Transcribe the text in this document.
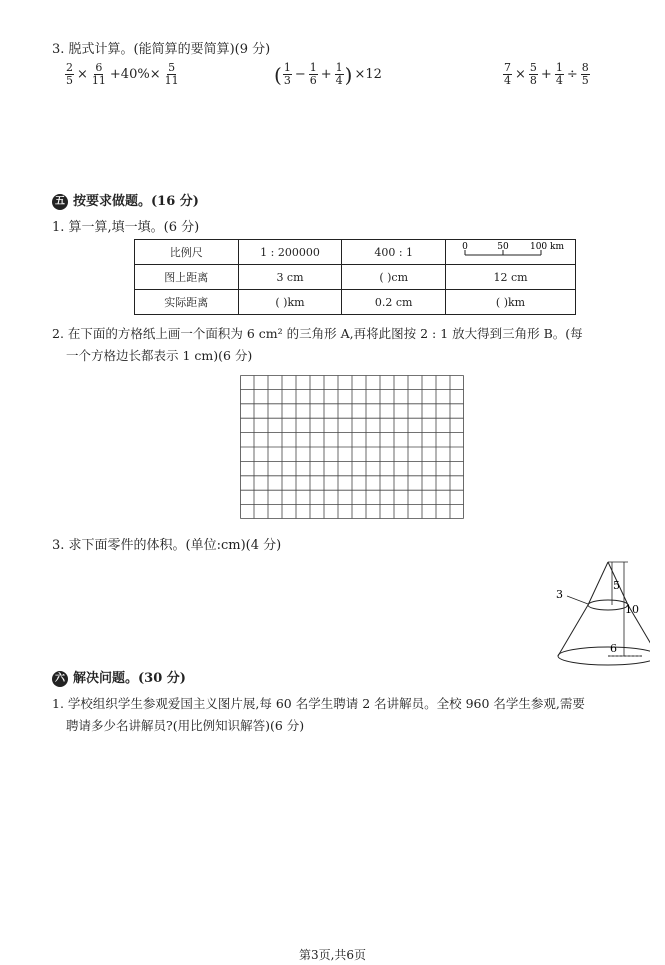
3. 脱式计算。(能简算的要简算)(9 分)
$\frac{2}{5} \times \frac{6}{11} +40\%\times \frac{5}{11}$	( $\frac{1}{3} - \frac{1}{6} + \frac{1}{4}$ ) ×12	$\frac{7}{4} \times \frac{5}{8} + \frac{1}{4} \div \frac{8}{5}$
五 按要求做题。(16 分)
1. 算一算,填一填。(6 分)
比例尺	1 : 200000	400 : 1	0 50 100 km

图上距离	3 cm	( )cm	12 cm
实际距离	( )km	0.2 cm	( )km
2. 在下面的方格纸上画一个面积为 6 cm² 的三角形 A,再将此图按 2 : 1 放大得到三角形 B。(每
一个方格边长都表示 1 cm)(6 分)
3. 求下面零件的体积。(单位:cm)(4 分)
5
10
3
6
六 解决问题。(30 分)
1. 学校组织学生参观爱国主义图片展,每 60 名学生聘请 2 名讲解员。全校 960 名学生参观,需要
聘请多少名讲解员?(用比例知识解答)(6 分)
第3页,共6页
